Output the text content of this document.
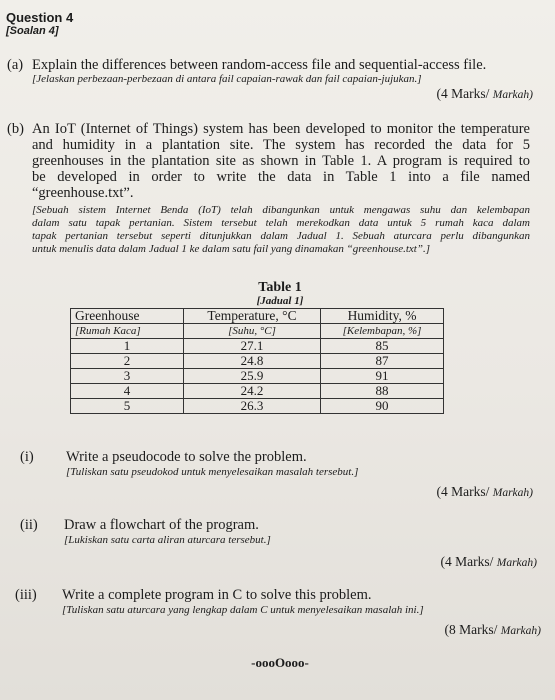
Question 4
[Soalan 4]
(a) Explain the differences between random-access file and sequential-access file.
[Jelaskan perbezaan-perbezaan di antara fail capaian-rawak dan fail capaian-jujukan.]
(4 Marks/ Markah)
(b) An IoT (Internet of Things) system has been developed to monitor the temperature
and humidity in a plantation site. The system has recorded the data for 5
greenhouses in the plantation site as shown in Table 1. A program is required to
be developed in order to write the data in Table 1 into a file named
“greenhouse.txt”.
[Sebuah sistem Internet Benda (IoT) telah dibangunkan untuk mengawas suhu dan kelembapan
dalam satu tapak pertanian. Sistem tersebut telah merekodkan data untuk 5 rumah kaca dalam
tapak pertanian tersebut seperti ditunjukkan dalam Jadual 1. Sebuah aturcara perlu dibangunkan
untuk menulis data dalam Jadual 1 ke dalam satu fail yang dinamakan “greenhouse.txt”.]
Table 1
[Jadual 1]
Greenhouse	Temperature, °C	Humidity, %
[Rumah Kaca]	[Suhu, °C]	[Kelembapan, %]
1	27.1	85
2	24.8	87
3	25.9	91
4	24.2	88
5	26.3	90
(i) Write a pseudocode to solve the problem.
[Tuliskan satu pseudokod untuk menyelesaikan masalah tersebut.]
(4 Marks/ Markah)
(ii) Draw a flowchart of the program.
[Lukiskan satu carta aliran aturcara tersebut.]
(4 Marks/ Markah)
(iii) Write a complete program in C to solve this problem.
[Tuliskan satu aturcara yang lengkap dalam C untuk menyelesaikan masalah ini.]
(8 Marks/ Markah)
-oooOooo-
